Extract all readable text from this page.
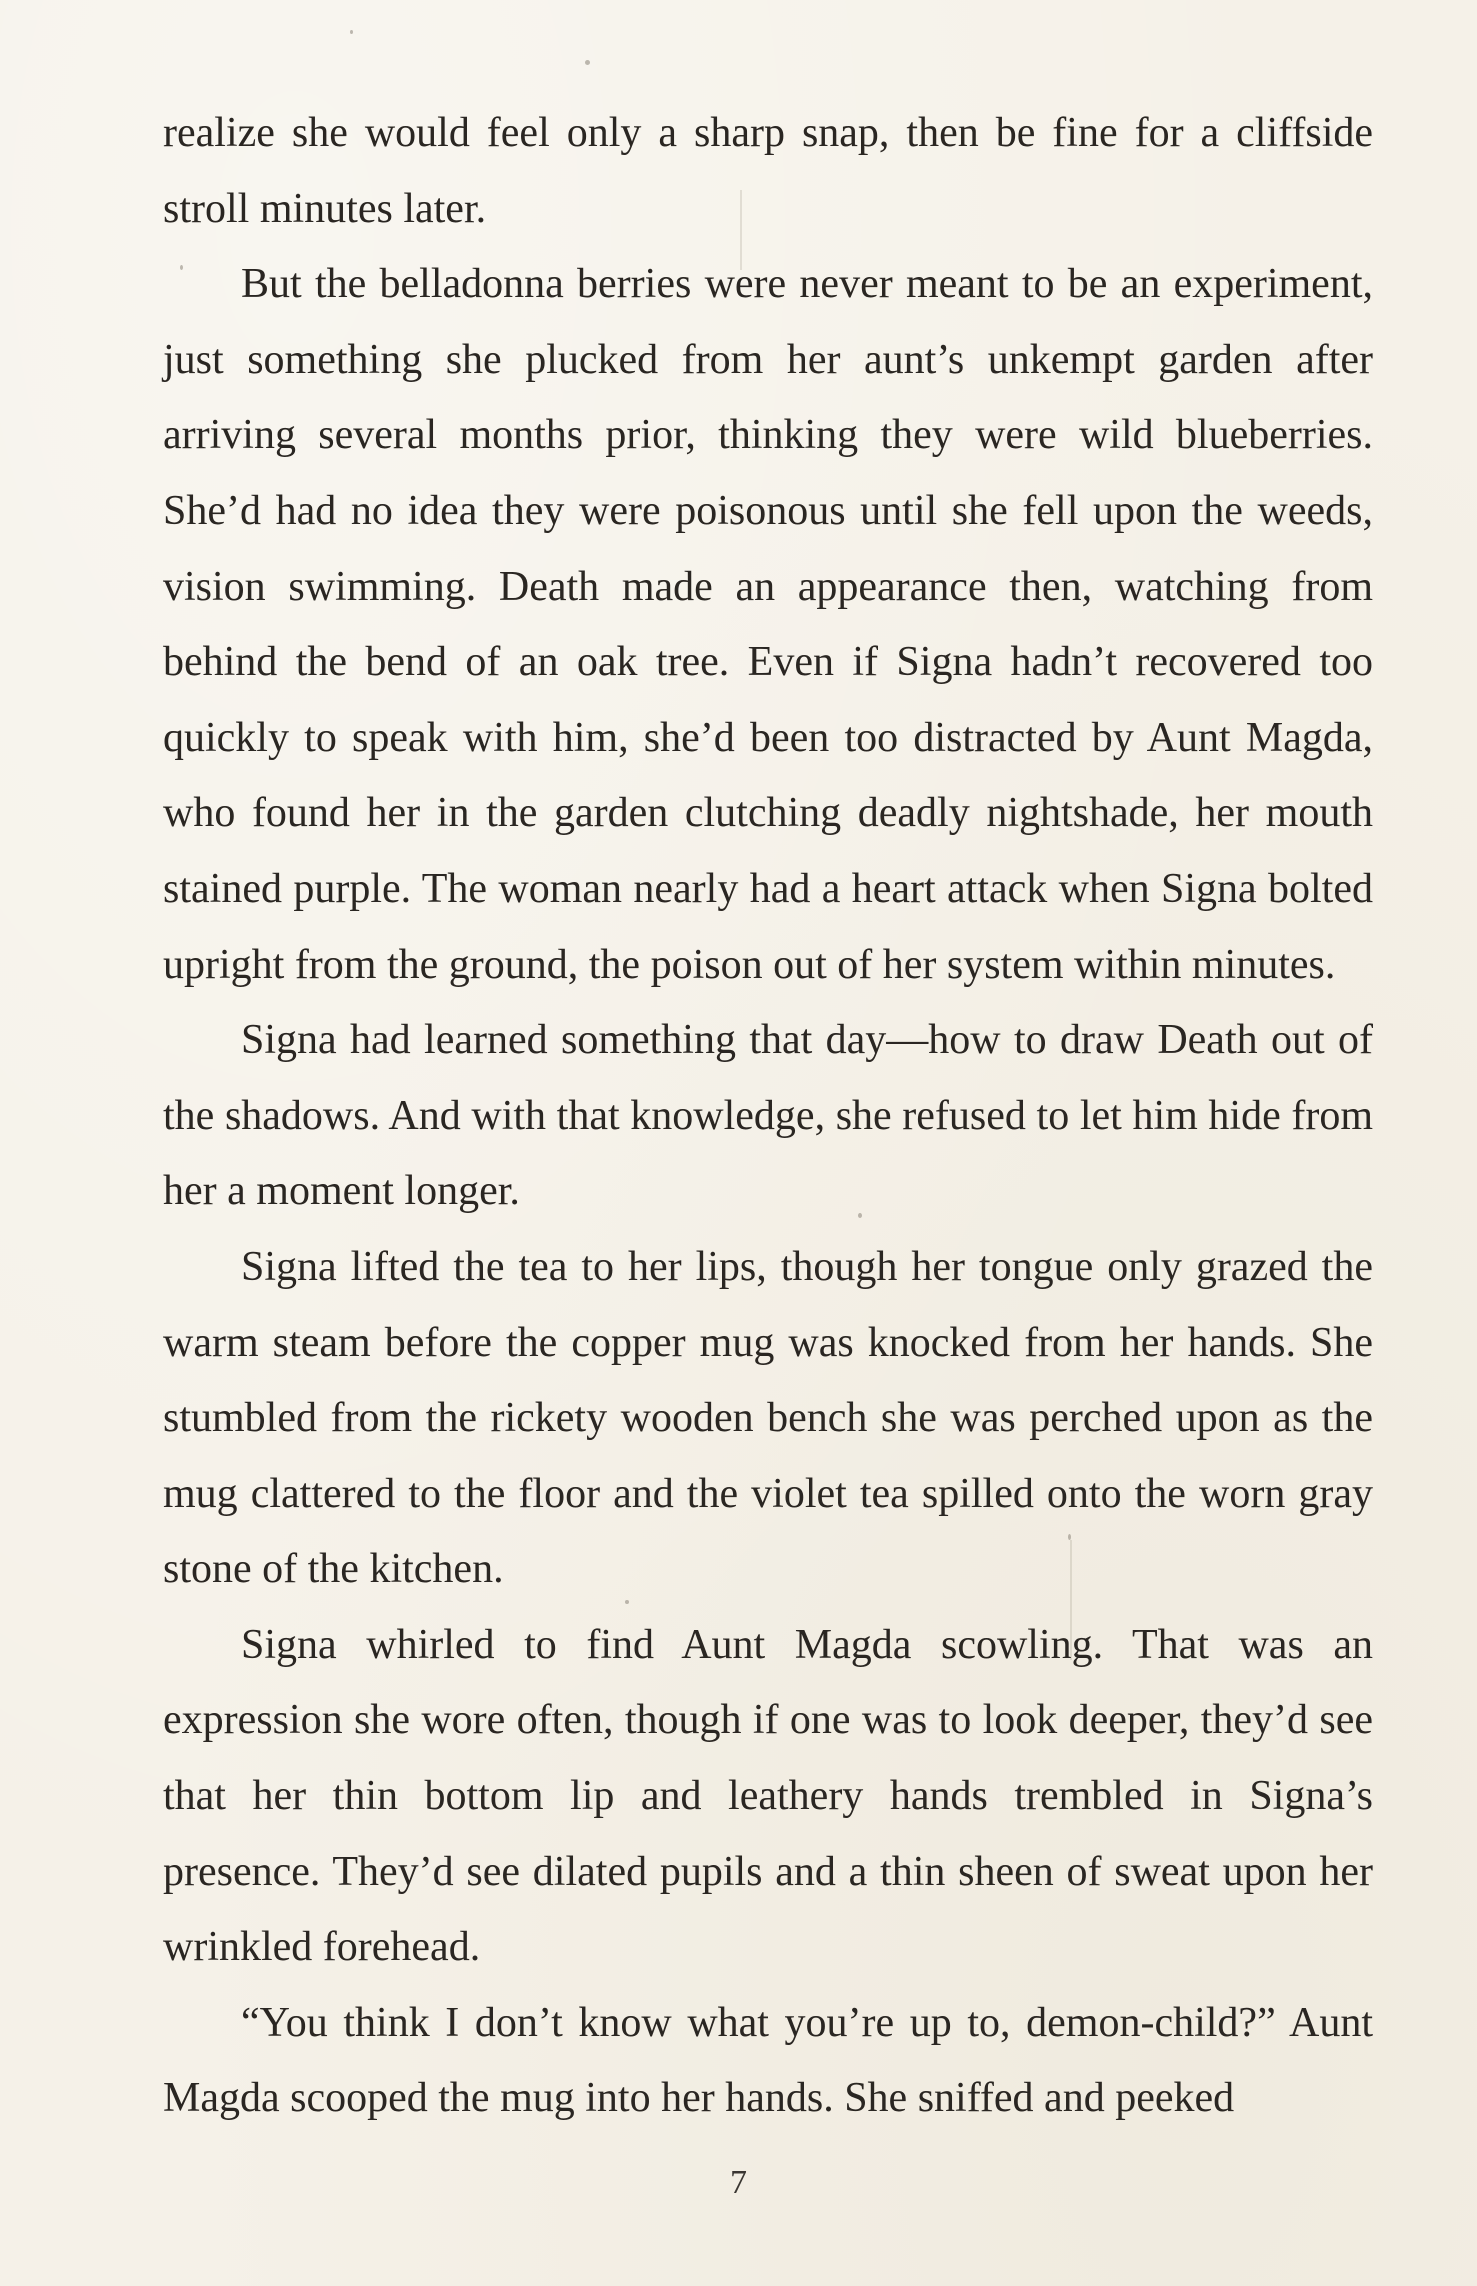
realize she would feel only a sharp snap, then be fine for a cliffside stroll minutes later.

But the belladonna berries were never meant to be an experiment, just something she plucked from her aunt’s unkempt garden after arriving several months prior, thinking they were wild blueberries. She’d had no idea they were poisonous until she fell upon the weeds, vision swimming. Death made an appearance then, watching from behind the bend of an oak tree. Even if Signa hadn’t recovered too quickly to speak with him, she’d been too distracted by Aunt Magda, who found her in the garden clutching deadly nightshade, her mouth stained purple. The woman nearly had a heart attack when Signa bolted upright from the ground, the poison out of her system within minutes.

Signa had learned something that day—how to draw Death out of the shadows. And with that knowledge, she refused to let him hide from her a moment longer.

Signa lifted the tea to her lips, though her tongue only grazed the warm steam before the copper mug was knocked from her hands. She stumbled from the rickety wooden bench she was perched upon as the mug clattered to the floor and the violet tea spilled onto the worn gray stone of the kitchen.

Signa whirled to find Aunt Magda scowling. That was an expression she wore often, though if one was to look deeper, they’d see that her thin bottom lip and leathery hands trembled in Signa’s presence. They’d see dilated pupils and a thin sheen of sweat upon her wrinkled forehead.

“You think I don’t know what you’re up to, demon-child?” Aunt Magda scooped the mug into her hands. She sniffed and peeked

7
